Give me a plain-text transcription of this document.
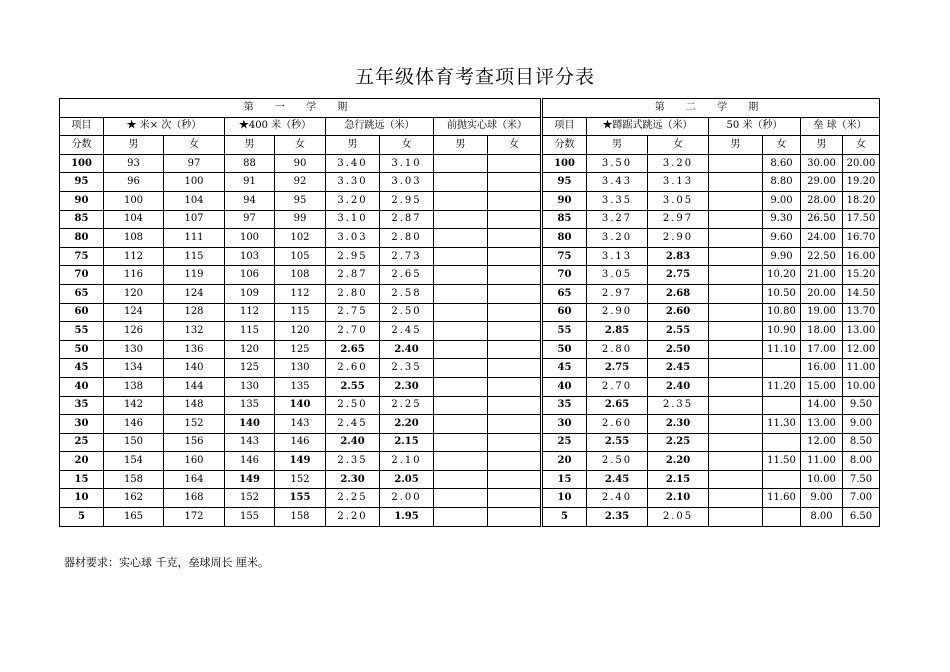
五年级体育考查项目评分表
第 一 学 期									第 二 学 期						
项目	★ 米× 次（秒）		★400 米（秒）		急行跳远（米）		前抛实心球（米）		项目	★蹲踞式跳远（米）		50 米（秒）		垒 球（米）	
分数	男	女	男	女	男	女	男	女	分数	男	女	男	女	男	女
100	93	97	88	90	3.40	3.10			100	3.50	3.20		8.60	30.00	20.00
95	96	100	91	92	3.30	3.03			95	3.43	3.13		8.80	29.00	19.20
90	100	104	94	95	3.20	2.95			90	3.35	3.05		9.00	28.00	18.20
85	104	107	97	99	3.10	2.87			85	3.27	2.97		9.30	26.50	17.50
80	108	111	100	102	3.03	2.80			80	3.20	2.90		9.60	24.00	16.70
75	112	115	103	105	2.95	2.73			75	3.13	2.83		9.90	22.50	16.00
70	116	119	106	108	2.87	2.65			70	3.05	2.75		10.20	21.00	15.20
65	120	124	109	112	2.80	2.58			65	2.97	2.68		10.50	20.00	14.50
60	124	128	112	115	2.75	2.50			60	2.90	2.60		10.80	19.00	13.70
55	126	132	115	120	2.70	2.45			55	2.85	2.55		10.90	18.00	13.00
50	130	136	120	125	2.65	2.40			50	2.80	2.50		11.10	17.00	12.00
45	134	140	125	130	2.60	2.35			45	2.75	2.45			16.00	11.00
40	138	144	130	135	2.55	2.30			40	2.70	2.40		11.20	15.00	10.00
35	142	148	135	140	2.50	2.25			35	2.65	2.35			14.00	9.50
30	146	152	140	143	2.45	2.20			30	2.60	2.30		11.30	13.00	9.00
25	150	156	143	146	2.40	2.15			25	2.55	2.25			12.00	8.50
20	154	160	146	149	2.35	2.10			20	2.50	2.20		11.50	11.00	8.00
15	158	164	149	152	2.30	2.05			15	2.45	2.15			10.00	7.50
10	162	168	152	155	2.25	2.00			10	2.40	2.10		11.60	9.00	7.00
5	165	172	155	158	2.20	1.95			5	2.35	2.05			8.00	6.50
器材要求：实心球 千克，垒球周长 厘米。
